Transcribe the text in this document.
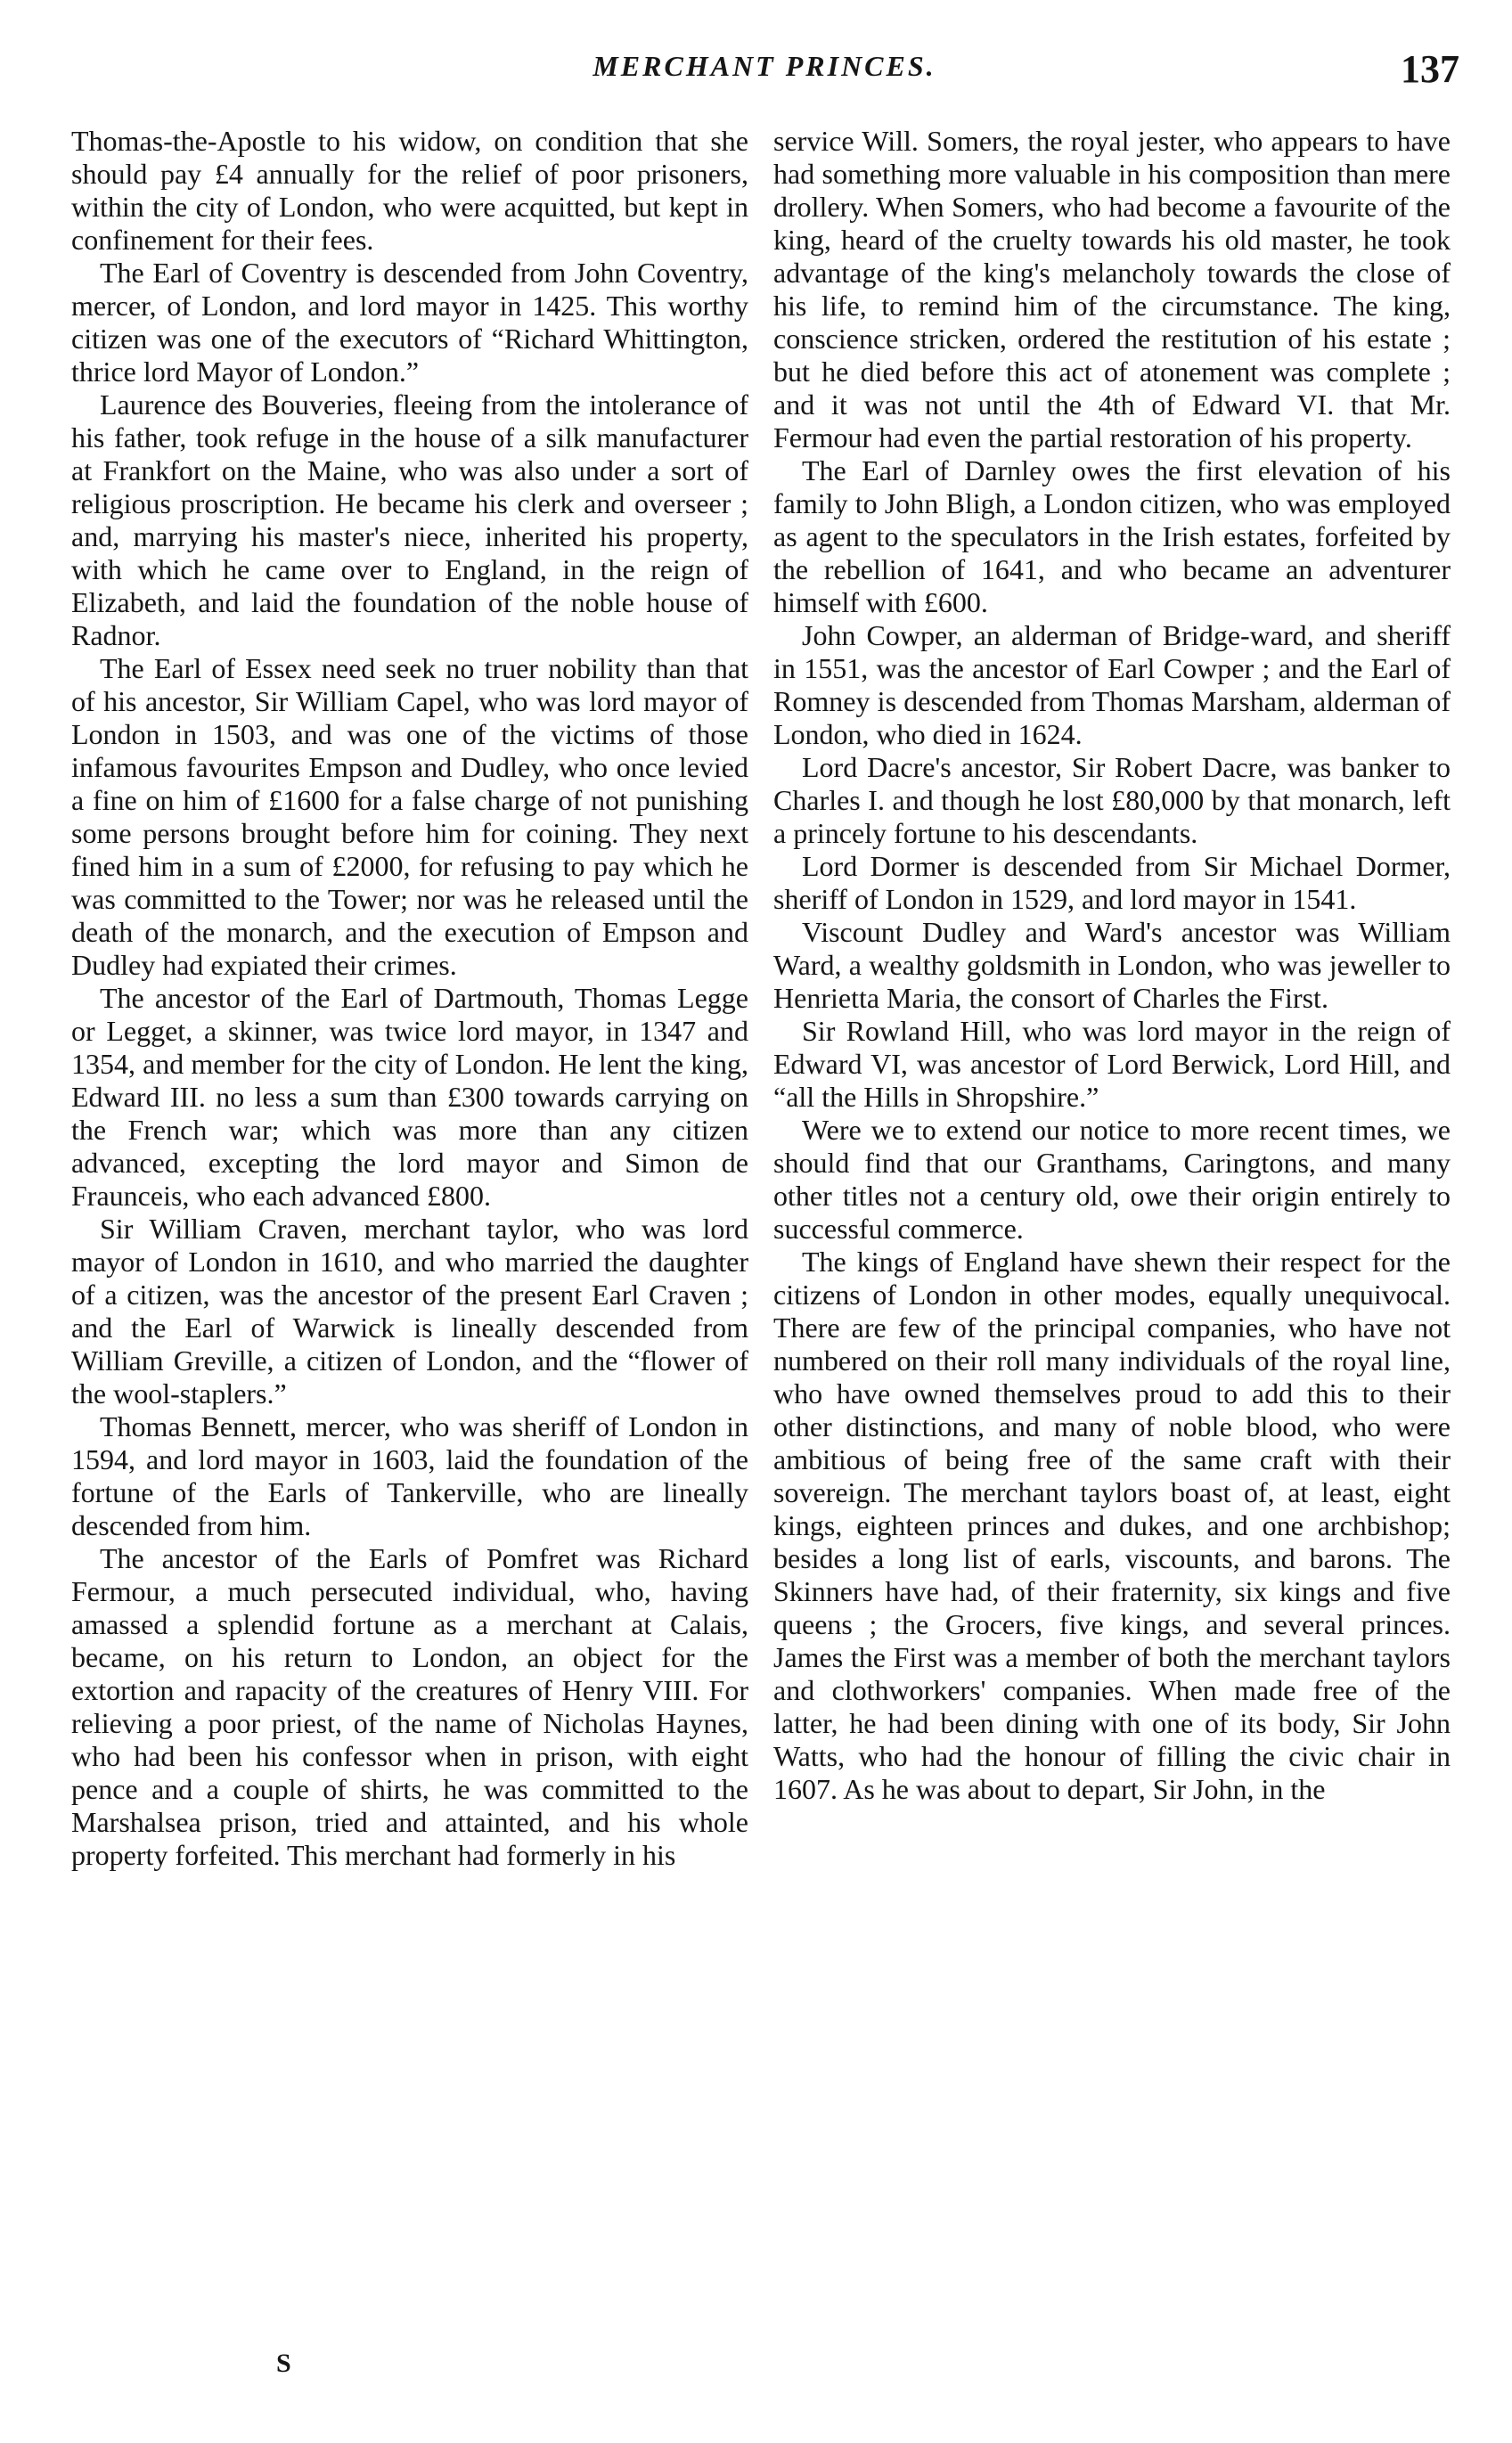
MERCHANT PRINCES.	137

Thomas-the-Apostle to his widow, on condition that she should pay £4 annually for the relief of poor prisoners, within the city of London, who were acquitted, but kept in confinement for their fees.

The Earl of Coventry is descended from John Coventry, mercer, of London, and lord mayor in 1425. This worthy citizen was one of the executors of “Richard Whittington, thrice lord Mayor of London.”

Laurence des Bouveries, fleeing from the intolerance of his father, took refuge in the house of a silk manufacturer at Frankfort on the Maine, who was also under a sort of religious proscription. He became his clerk and overseer ; and, marrying his master's niece, inherited his property, with which he came over to England, in the reign of Elizabeth, and laid the foundation of the noble house of Radnor.

The Earl of Essex need seek no truer nobility than that of his ancestor, Sir William Capel, who was lord mayor of London in 1503, and was one of the victims of those infamous favourites Empson and Dudley, who once levied a fine on him of £1600 for a false charge of not punishing some persons brought before him for coining. They next fined him in a sum of £2000, for refusing to pay which he was committed to the Tower; nor was he released until the death of the monarch, and the execution of Empson and Dudley had expiated their crimes.

The ancestor of the Earl of Dartmouth, Thomas Legge or Legget, a skinner, was twice lord mayor, in 1347 and 1354, and member for the city of London. He lent the king, Edward III. no less a sum than £300 towards carrying on the French war; which was more than any citizen advanced, excepting the lord mayor and Simon de Fraunceis, who each advanced £800.

Sir William Craven, merchant taylor, who was lord mayor of London in 1610, and who married the daughter of a citizen, was the ancestor of the present Earl Craven ; and the Earl of Warwick is lineally descended from William Greville, a citizen of London, and the “flower of the wool-staplers.”

Thomas Bennett, mercer, who was sheriff of London in 1594, and lord mayor in 1603, laid the foundation of the fortune of the Earls of Tankerville, who are lineally descended from him.

The ancestor of the Earls of Pomfret was Richard Fermour, a much persecuted individual, who, having amassed a splendid fortune as a merchant at Calais, became, on his return to London, an object for the extortion and rapacity of the creatures of Henry VIII. For relieving a poor priest, of the name of Nicholas Haynes, who had been his confessor when in prison, with eight pence and a couple of shirts, he was committed to the Marshalsea prison, tried and attainted, and his whole property forfeited. This merchant had formerly in his

service Will. Somers, the royal jester, who appears to have had something more valuable in his composition than mere drollery. When Somers, who had become a favourite of the king, heard of the cruelty towards his old master, he took advantage of the king's melancholy towards the close of his life, to remind him of the circumstance. The king, conscience stricken, ordered the restitution of his estate ; but he died before this act of atonement was complete ; and it was not until the 4th of Edward VI. that Mr. Fermour had even the partial restoration of his property.

The Earl of Darnley owes the first elevation of his family to John Bligh, a London citizen, who was employed as agent to the speculators in the Irish estates, forfeited by the rebellion of 1641, and who became an adventurer himself with £600.

John Cowper, an alderman of Bridge-ward, and sheriff in 1551, was the ancestor of Earl Cowper ; and the Earl of Romney is descended from Thomas Marsham, alderman of London, who died in 1624.

Lord Dacre's ancestor, Sir Robert Dacre, was banker to Charles I. and though he lost £80,000 by that monarch, left a princely fortune to his descendants.

Lord Dormer is descended from Sir Michael Dormer, sheriff of London in 1529, and lord mayor in 1541.

Viscount Dudley and Ward's ancestor was William Ward, a wealthy goldsmith in London, who was jeweller to Henrietta Maria, the consort of Charles the First.

Sir Rowland Hill, who was lord mayor in the reign of Edward VI, was ancestor of Lord Berwick, Lord Hill, and “all the Hills in Shropshire.”

Were we to extend our notice to more recent times, we should find that our Granthams, Caringtons, and many other titles not a century old, owe their origin entirely to successful commerce.

The kings of England have shewn their respect for the citizens of London in other modes, equally unequivocal. There are few of the principal companies, who have not numbered on their roll many individuals of the royal line, who have owned themselves proud to add this to their other distinctions, and many of noble blood, who were ambitious of being free of the same craft with their sovereign. The merchant taylors boast of, at least, eight kings, eighteen princes and dukes, and one archbishop; besides a long list of earls, viscounts, and barons. The Skinners have had, of their fraternity, six kings and five queens ; the Grocers, five kings, and several princes. James the First was a member of both the merchant taylors and clothworkers' companies. When made free of the latter, he had been dining with one of its body, Sir John Watts, who had the honour of filling the civic chair in 1607. As he was about to depart, Sir John, in the

S
